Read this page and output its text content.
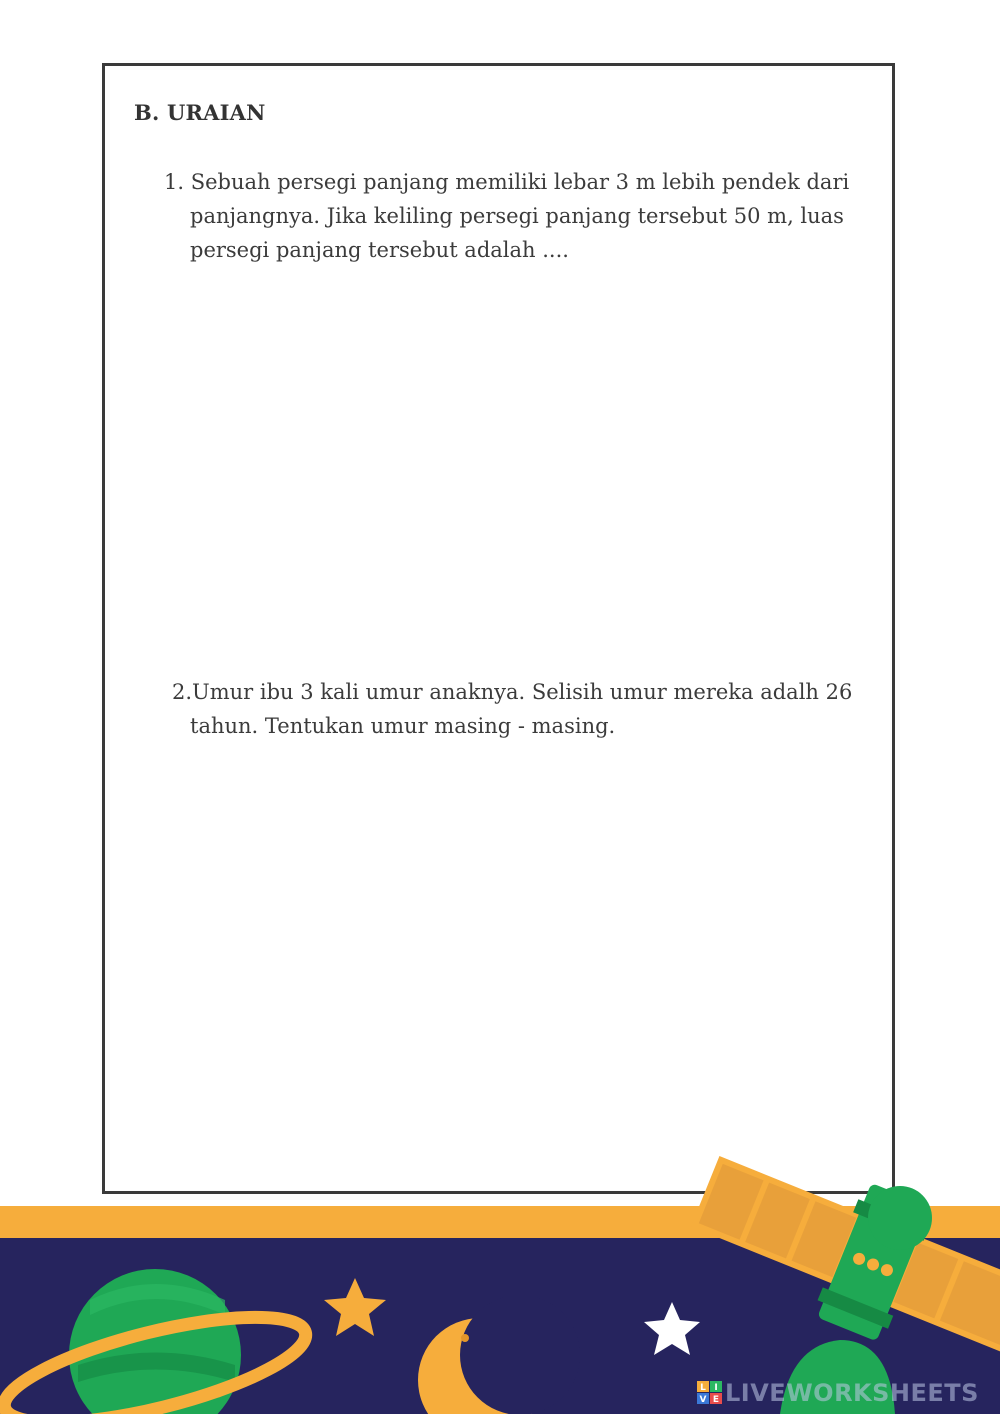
B. URAIAN
1. Sebuah persegi panjang memiliki lebar 3 m lebih pendek dari
panjangnya. Jika keliling persegi panjang tersebut 50 m, luas
persegi panjang tersebut adalah ....
2.Umur ibu 3 kali umur anaknya. Selisih umur mereka adalh 26
tahun. Tentukan umur masing - masing.
L I
V E LIVEWORKSHEETS
